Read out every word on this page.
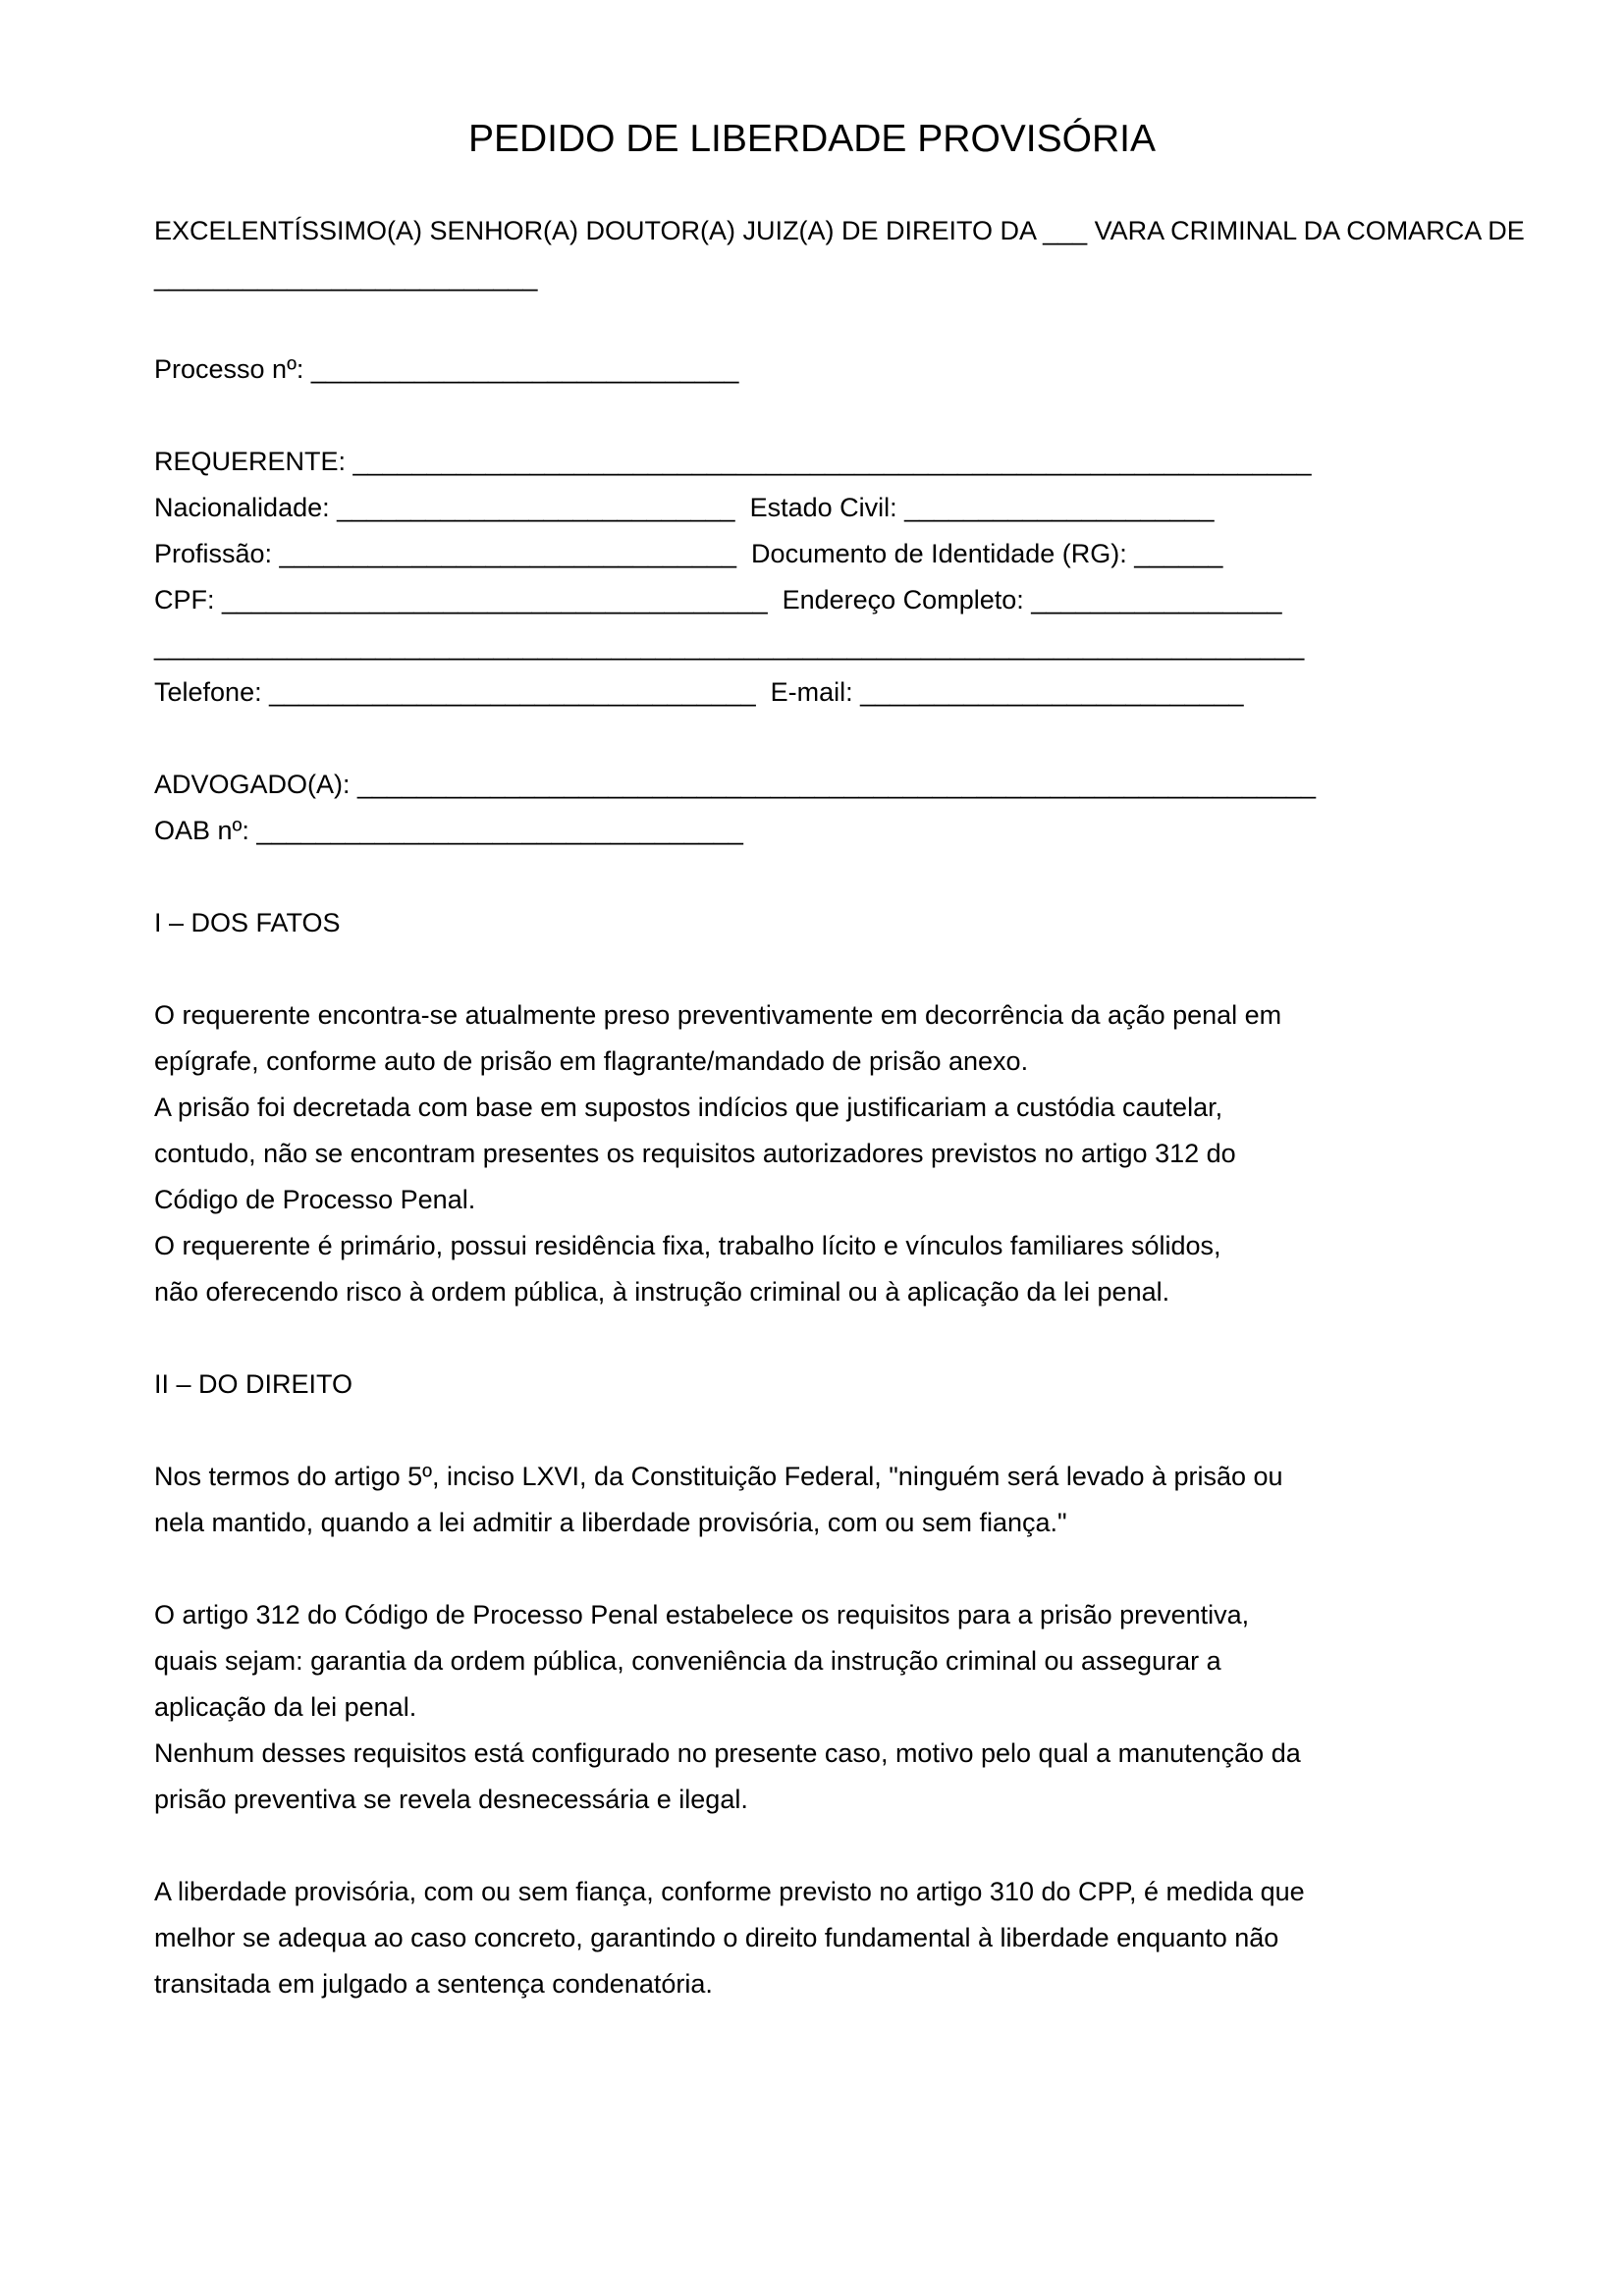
PEDIDO DE LIBERDADE PROVISÓRIA
EXCELENTÍSSIMO(A) SENHOR(A) DOUTOR(A) JUIZ(A) DE DIREITO DA ___ VARA CRIMINAL DA COMARCA DE
__________________________
Processo nº: _____________________________
REQUERENTE: _________________________________________________________________
Nacionalidade: ___________________________  Estado Civil: _____________________
Profissão: _______________________________  Documento de Identidade (RG): ______
CPF: _____________________________________  Endereço Completo: _________________
______________________________________________________________________________
Telefone: _________________________________  E-mail: __________________________
ADVOGADO(A): _________________________________________________________________
OAB nº: _________________________________
I – DOS FATOS
O requerente encontra-se atualmente preso preventivamente em decorrência da ação penal em
epígrafe, conforme auto de prisão em flagrante/mandado de prisão anexo.
A prisão foi decretada com base em supostos indícios que justificariam a custódia cautelar,
contudo, não se encontram presentes os requisitos autorizadores previstos no artigo 312 do
Código de Processo Penal.
O requerente é primário, possui residência fixa, trabalho lícito e vínculos familiares sólidos,
não oferecendo risco à ordem pública, à instrução criminal ou à aplicação da lei penal.
II – DO DIREITO
Nos termos do artigo 5º, inciso LXVI, da Constituição Federal, "ninguém será levado à prisão ou
nela mantido, quando a lei admitir a liberdade provisória, com ou sem fiança."
O artigo 312 do Código de Processo Penal estabelece os requisitos para a prisão preventiva,
quais sejam: garantia da ordem pública, conveniência da instrução criminal ou assegurar a
aplicação da lei penal.
Nenhum desses requisitos está configurado no presente caso, motivo pelo qual a manutenção da
prisão preventiva se revela desnecessária e ilegal.
A liberdade provisória, com ou sem fiança, conforme previsto no artigo 310 do CPP, é medida que
melhor se adequa ao caso concreto, garantindo o direito fundamental à liberdade enquanto não
transitada em julgado a sentença condenatória.
